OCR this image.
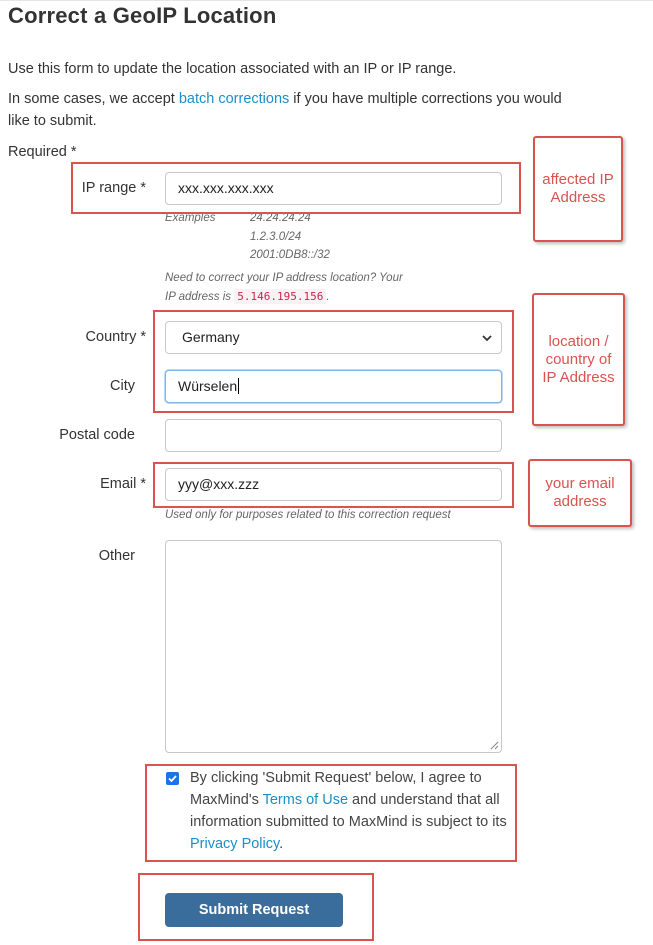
Correct a GeoIP Location
Use this form to update the location associated with an IP or IP range.
In some cases, we accept batch corrections if you have multiple corrections you would
like to submit.
Required *
IP range *	xxx.xxx.xxx.xxx
Examples	24.24.24.24
1.2.3.0/24
2001:0DB8::/32
Need to correct your IP address location? Your
IP address is 5.146.195.156 .
Country *	Germany
City	Würselen
Postal code
Email *	yyy@xxx.zzz
Used only for purposes related to this correction request
Other
By clicking 'Submit Request' below, I agree to MaxMind's Terms of Use and understand that all information submitted to MaxMind is subject to its Privacy Policy.
Submit Request
affected IP Address
location / country of IP Address
your email address
